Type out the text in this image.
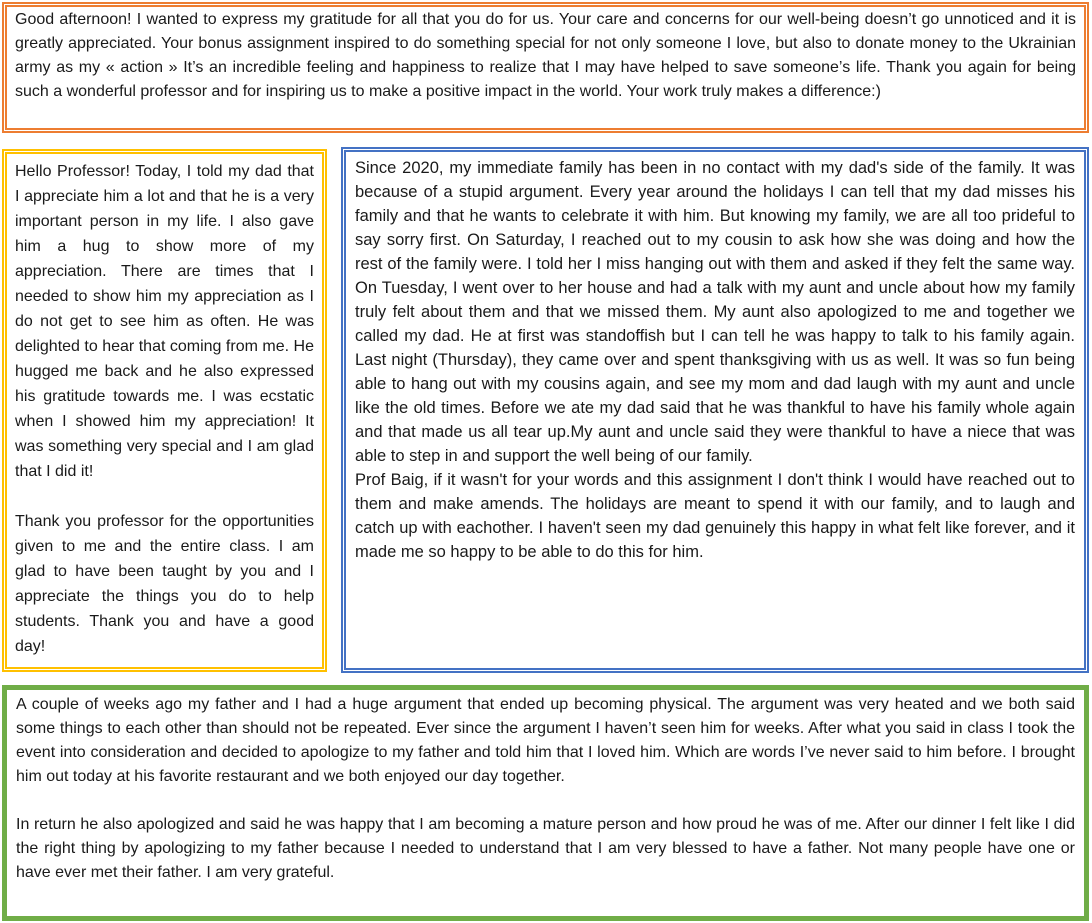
Good afternoon! I wanted to express my gratitude for all that you do for us. Your care and concerns for our well-being doesn’t go unnoticed and it is greatly appreciated. Your bonus assignment inspired to do something special for not only someone I love, but also to donate money to the Ukrainian army as my « action » It’s an incredible feeling and happiness to realize that I may have helped to save someone’s life. Thank you again for being such a wonderful professor and for inspiring us to make a positive impact in the world. Your work truly makes a difference:)

Hello Professor! Today, I told my dad that I appreciate him a lot and that he is a very important person in my life. I also gave him a hug to show more of my appreciation. There are times that I needed to show him my appreciation as I do not get to see him as often. He was delighted to hear that coming from me. He hugged me back and he also expressed his gratitude towards me. I was ecstatic when I showed him my appreciation! It was something very special and I am glad that I did it!

Thank you professor for the opportunities given to me and the entire class. I am glad to have been taught by you and I appreciate the things you do to help students. Thank you and have a good day!

Since 2020, my immediate family has been in no contact with my dad's side of the family. It was because of a stupid argument. Every year around the holidays I can tell that my dad misses his family and that he wants to celebrate it with him. But knowing my family, we are all too prideful to say sorry first. On Saturday, I reached out to my cousin to ask how she was doing and how the rest of the family were. I told her I miss hanging out with them and asked if they felt the same way. On Tuesday, I went over to her house and had a talk with my aunt and uncle about how my family truly felt about them and that we missed them. My aunt also apologized to me and together we called my dad. He at first was standoffish but I can tell he was happy to talk to his family again. Last night (Thursday), they came over and spent thanksgiving with us as well. It was so fun being able to hang out with my cousins again, and see my mom and dad laugh with my aunt and uncle like the old times. Before we ate my dad said that he was thankful to have his family whole again and that made us all tear up.My aunt and uncle said they were thankful to have a niece that was able to step in and support the well being of our family.

Prof Baig, if it wasn't for your words and this assignment I don't think I would have reached out to them and make amends. The holidays are meant to spend it with our family, and to laugh and catch up with eachother. I haven't seen my dad genuinely this happy in what felt like forever, and it made me so happy to be able to do this for him.

A couple of weeks ago my father and I had a huge argument that ended up becoming physical. The argument was very heated and we both said some things to each other than should not be repeated. Ever since the argument I haven’t seen him for weeks. After what you said in class I took the event into consideration and decided to apologize to my father and told him that I loved him. Which are words I’ve never said to him before. I brought him out today at his favorite restaurant and we both enjoyed our day together.

In return he also apologized and said he was happy that I am becoming a mature person and how proud he was of me. After our dinner I felt like I did the right thing by apologizing to my father because I needed to understand that I am very blessed to have a father. Not many people have one or have ever met their father. I am very grateful.
